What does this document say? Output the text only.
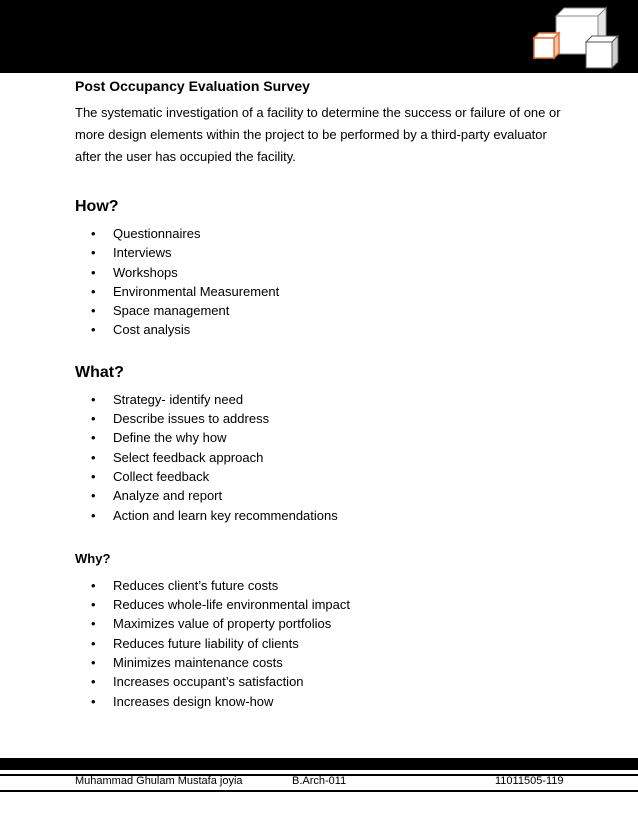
Post Occupancy Evaluation Survey

The systematic investigation of a facility to determine the success or failure of one or more design elements within the project to be performed by a third-party evaluator after the user has occupied the facility.

How?
• Questionnaires
• Interviews
• Workshops
• Environmental Measurement
• Space management
• Cost analysis
What?
• Strategy- identify need
• Describe issues to address
• Define the why how
• Select feedback approach
• Collect feedback
• Analyze and report
• Action and learn key recommendations
Why?
• Reduces client’s future costs
• Reduces whole-life environmental impact
• Maximizes value of property portfolios
• Reduces future liability of clients
• Minimizes maintenance costs
• Increases occupant’s satisfaction
• Increases design know-how
Muhammad Ghulam Mustafa joyia	B.Arch-011	11011505-119
